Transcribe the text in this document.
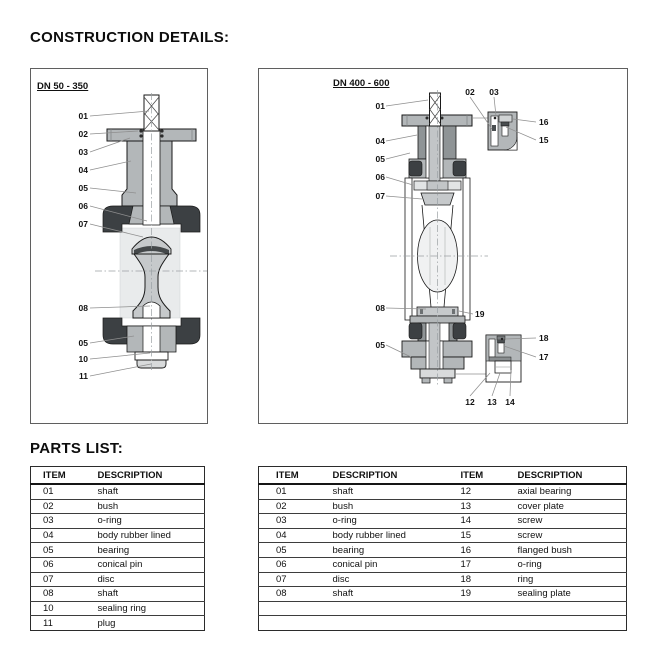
CONSTRUCTION DETAILS:
DN 50 - 350
01
02
03
04
05
06
07
08
05
10
11
DN 400 - 600
01
04
05
06
07
08
05
19
02	03
16
15
18
17
12	13	14
PARTS LIST:
ITEM	DESCRIPTION
01	shaft
02	bush
03	o-ring
04	body rubber lined
05	bearing
06	conical pin
07	disc
08	shaft
10	sealing ring
11	plug
ITEM	DESCRIPTION	ITEM	DESCRIPTION
01	shaft	12	axial bearing
02	bush	13	cover plate
03	o-ring	14	screw
04	body rubber lined	15	screw
05	bearing	16	flanged bush
06	conical pin	17	o-ring
07	disc	18	ring
08	shaft	19	sealing plate
